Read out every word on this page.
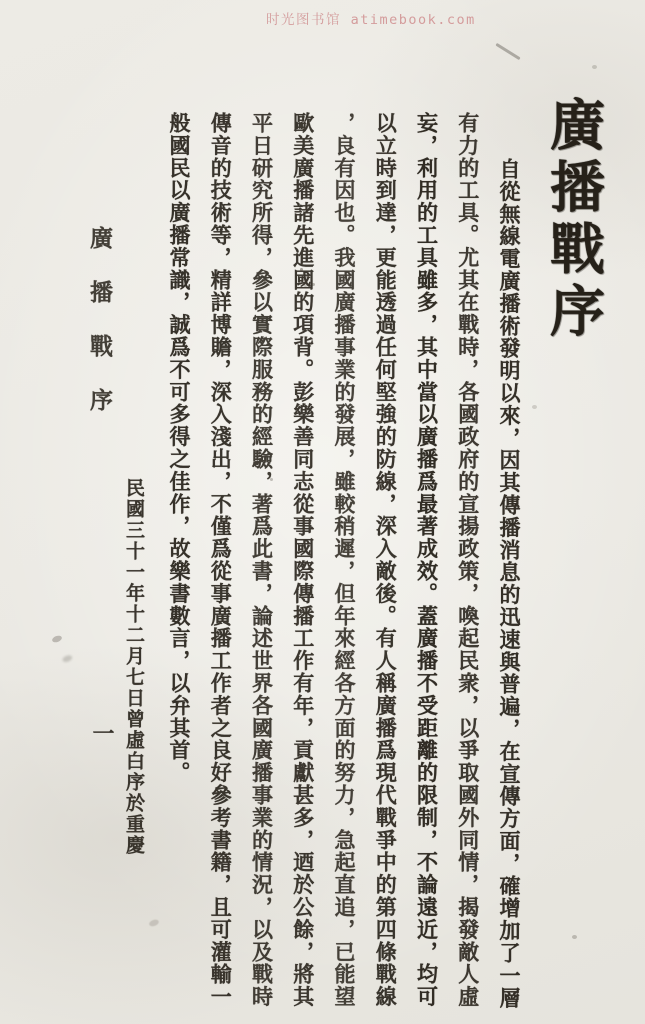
时光图书馆 atimebook.com
廣播戰序
自從無線電廣播術發明以來，因其傳播消息的迅速與普遍，在宣傳方面，確增加了一層
有力的工具。尤其在戰時，各國政府的宣揚政策，喚起民衆，以爭取國外同情，揭發敵人虛
妄，利用的工具雖多，其中當以廣播爲最著成效。蓋廣播不受距離的限制，不論遠近，均可
以立時到達，更能透過任何堅強的防線，深入敵後。有人稱廣播爲現代戰爭中的第四條戰線
，良有因也。我國廣播事業的發展，雖較稍遲，但年來經各方面的努力，急起直追，已能望
歐美廣播諸先進國的項背。彭樂善同志從事國際傳播工作有年，貢獻甚多，迺於公餘，將其
平日研究所得，參以實際服務的經驗，著爲此書，論述世界各國廣播事業的情況，以及戰時
傳音的技術等，精詳博贍，深入淺出，不僅爲從事廣播工作者之良好參考書籍，且可灌輸一
般國民以廣播常識，誠爲不可多得之佳作，故樂書數言，以弁其首。
民國三十一年十二月七日曾虛白序於重慶
廣播戰序
一
